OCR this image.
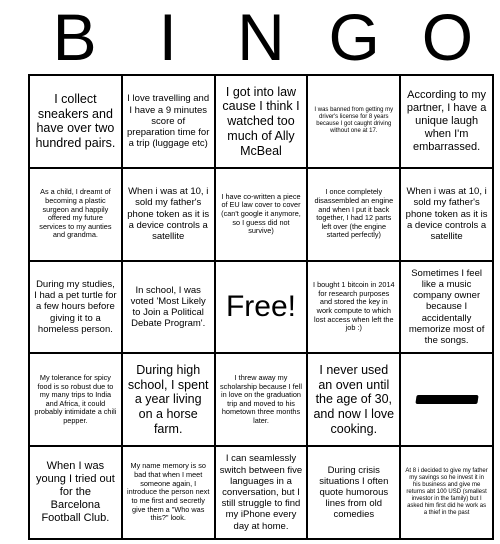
B I N G O
I collect sneakers and have over two hundred pairs.
I love travelling and I have a 9 minutes score of preparation time for a trip (luggage etc)
I got into law cause I think I watched too much of Ally McBeal
I was banned from getting my driver's license for 8 years because I got caught driving without one at 17.
According to my partner, I have a unique laugh when I'm embarrassed.
As a child, I dreamt of becoming a plastic surgeon and happily offered my future services to my aunties and grandma.
When i was at 10, i sold my father's phone token as it is a device controls a satellite
I have co-written a piece of EU law cover to cover (can't google it anymore, so I guess did not survive)
I once completely disassembled an engine and when I put it back together, I had 12 parts left over (the engine started perfectly)
When i was at 10, i sold my father's phone token as it is a device controls a satellite
During my studies, I had a pet turtle for a few hours before giving it to a homeless person.
In school, I was voted 'Most Likely to Join a Political Debate Program'.
Free!
I bought 1 bitcoin in 2014 for research purposes and stored the key in work compute to which lost access when left the job :)
Sometimes I feel like a music company owner because I accidentally memorize most of the songs.
My tolerance for spicy food is so robust due to my many trips to India and Africa, it could probably intimidate a chili pepper.
During high school, I spent a year living on a horse farm.
I threw away my scholarship because I fell in love on the graduation trip and moved to his hometown three months later.
I never used an oven until the age of 30, and now I love cooking.
When I was young I tried out for the Barcelona Football Club.
My name memory is so bad that when I meet someone again, I introduce the person next to me first and secretly give them a "Who was this?" look.
I can seamlessly switch between five languages in a conversation, but I still struggle to find my iPhone every day at home.
During crisis situations I often quote humorous lines from old comedies
At 8 i decided to give my father my savings so he invest it in his business and give me returns abt 100 USD (smallest investor in the family) but I asked him first did he work as a thief in the past
